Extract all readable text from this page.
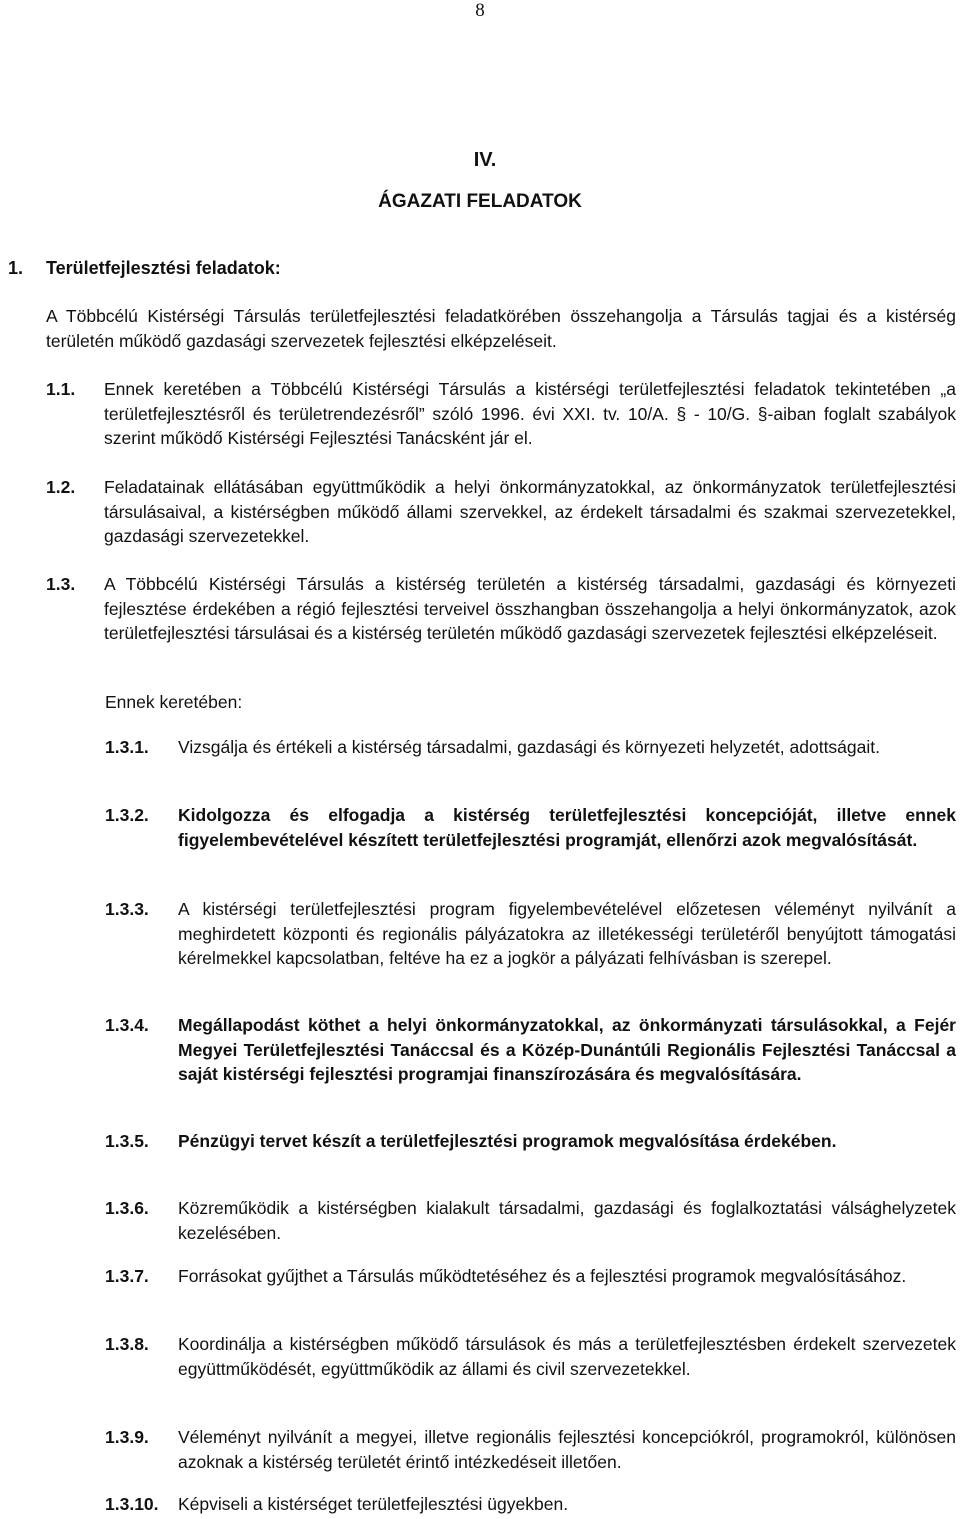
8
IV.
ÁGAZATI FELADATOK
1. Területfejlesztési feladatok:
A Többcélú Kistérségi Társulás területfejlesztési feladatkörében összehangolja a Társulás tagjai és a kistérség területén működő gazdasági szervezetek fejlesztési elképzeléseit.
1.1. Ennek keretében a Többcélú Kistérségi Társulás a kistérségi területfejlesztési feladatok tekintetében „a területfejlesztésről és területrendezésről” szóló 1996. évi XXI. tv. 10/A. § - 10/G. §-aiban foglalt szabályok szerint működő Kistérségi Fejlesztési Tanácsként jár el.
1.2. Feladatainak ellátásában együttműködik a helyi önkormányzatokkal, az önkormányzatok területfejlesztési társulásaival, a kistérségben működő állami szervekkel, az érdekelt társadalmi és szakmai szervezetekkel, gazdasági szervezetekkel.
1.3. A Többcélú Kistérségi Társulás a kistérség területén a kistérség társadalmi, gazdasági és környezeti fejlesztése érdekében a régió fejlesztési terveivel összhangban összehangolja a helyi önkormányzatok, azok területfejlesztési társulásai és a kistérség területén működő gazdasági szervezetek fejlesztési elképzeléseit.
Ennek keretében:
1.3.1. Vizsgálja és értékeli a kistérség társadalmi, gazdasági és környezeti helyzetét, adottságait.
1.3.2. Kidolgozza és elfogadja a kistérség területfejlesztési koncepcióját, illetve ennek figyelembevételével készített területfejlesztési programját, ellenőrzi azok megvalósítását.
1.3.3. A kistérségi területfejlesztési program figyelembevételével előzetesen véleményt nyilvánít a meghirdetett központi és regionális pályázatokra az illetékességi területéről benyújtott támogatási kérelmekkel kapcsolatban, feltéve ha ez a jogkör a pályázati felhívásban is szerepel.
1.3.4. Megállapodást köthet a helyi önkormányzatokkal, az önkormányzati társulásokkal, a Fejér Megyei Területfejlesztési Tanáccsal és a Közép-Dunántúli Regionális Fejlesztési Tanáccsal a saját kistérségi fejlesztési programjai finanszírozására és megvalósítására.
1.3.5. Pénzügyi tervet készít a területfejlesztési programok megvalósítása érdekében.
1.3.6. Közreműködik a kistérségben kialakult társadalmi, gazdasági és foglalkoztatási válsághelyzetek kezelésében.
1.3.7. Forrásokat gyűjthet a Társulás működtetéséhez és a fejlesztési programok megvalósításához.
1.3.8. Koordinálja a kistérségben működő társulások és más a területfejlesztésben érdekelt szervezetek együttműködését, együttműködik az állami és civil szervezetekkel.
1.3.9. Véleményt nyilvánít a megyei, illetve regionális fejlesztési koncepciókról, programokról, különösen azoknak a kistérség területét érintő intézkedéseit illetően.
1.3.10. Képviseli a kistérséget területfejlesztési ügyekben.
